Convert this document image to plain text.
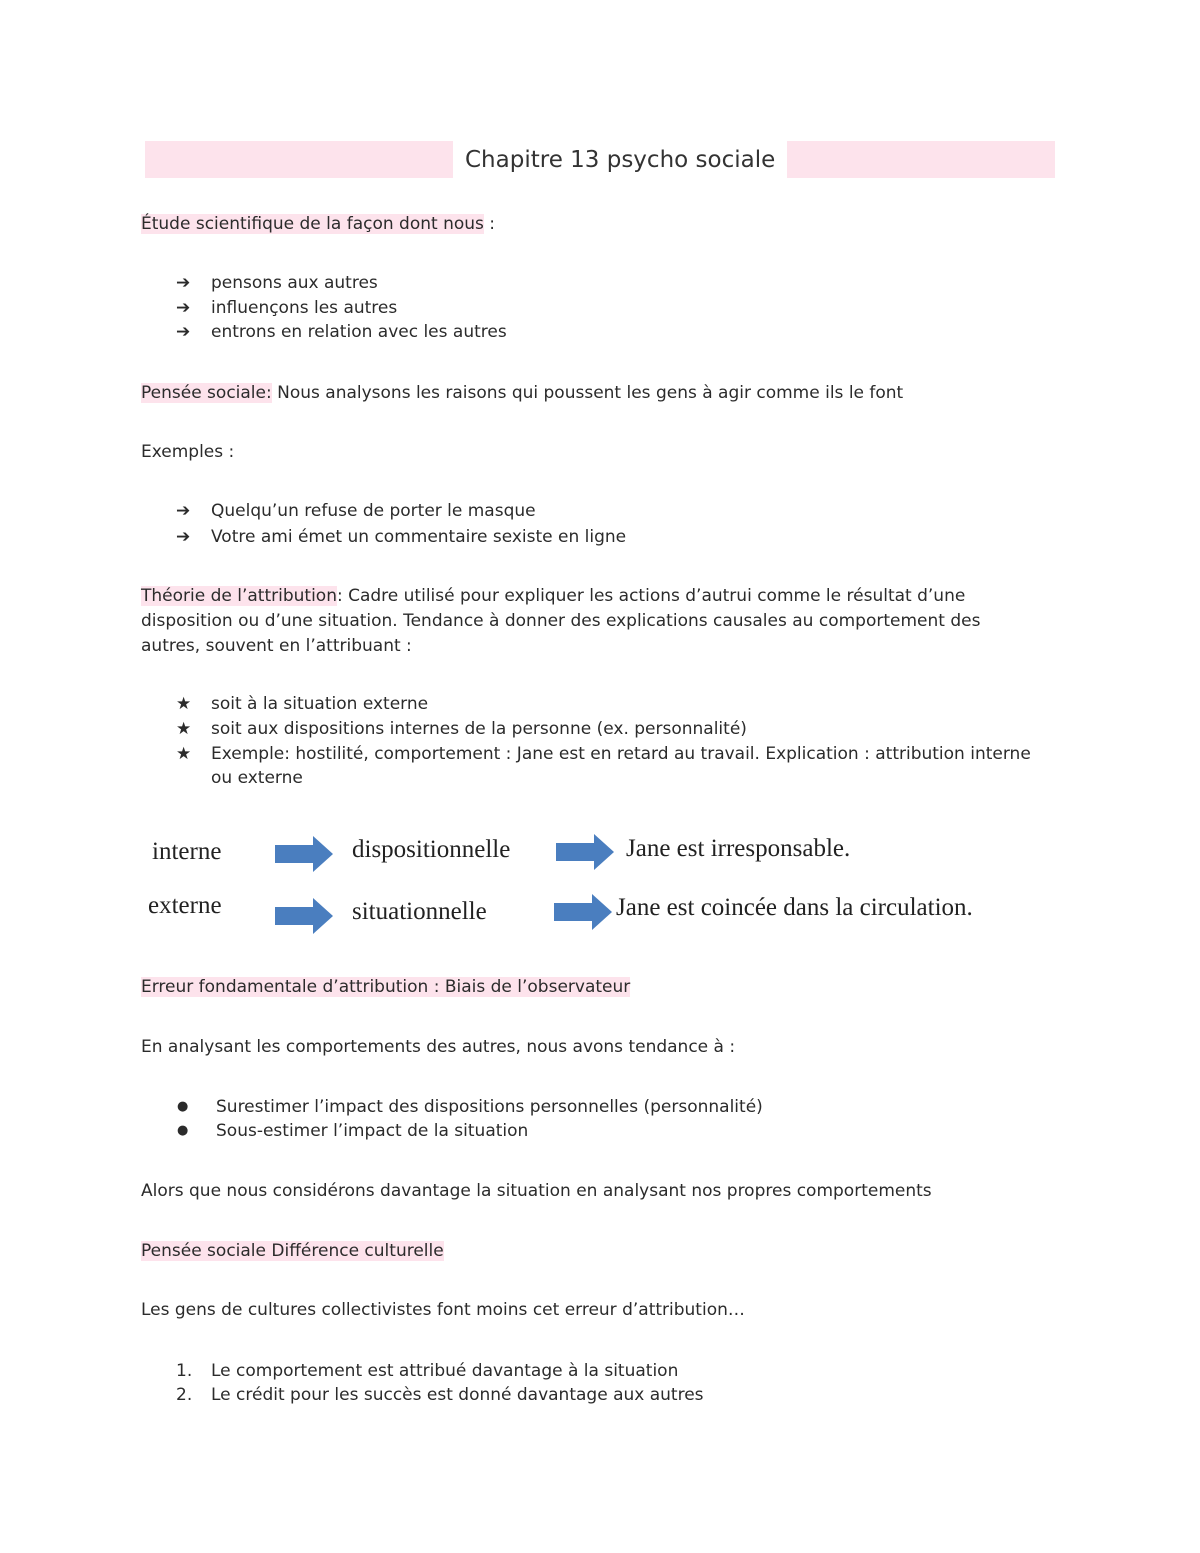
Chapitre 13 psycho sociale
Étude scientifique de la façon dont nous :
➔ pensons aux autres
➔ influençons les autres
➔ entrons en relation avec les autres
Pensée sociale: Nous analysons les raisons qui poussent les gens à agir comme ils le font
Exemples :
➔ Quelqu’un refuse de porter le masque
➔ Votre ami émet un commentaire sexiste en ligne
Théorie de l’attribution: Cadre utilisé pour expliquer les actions d’autrui comme le résultat d’une disposition ou d’une situation. Tendance à donner des explications causales au comportement des autres, souvent en l’attribuant :
★ soit à la situation externe
★ soit aux dispositions internes de la personne (ex. personnalité)
★ Exemple: hostilité, comportement : Jane est en retard au travail. Explication : attribution interne ou externe
interne	dispositionnelle	Jane est irresponsable.
externe	situationnelle	Jane est coincée dans la circulation.
Erreur fondamentale d’attribution : Biais de l’observateur
En analysant les comportements des autres, nous avons tendance à :
● Surestimer l’impact des dispositions personnelles (personnalité)
● Sous-estimer l’impact de la situation
Alors que nous considérons davantage la situation en analysant nos propres comportements
Pensée sociale Différence culturelle
Les gens de cultures collectivistes font moins cet erreur d’attribution…
1. Le comportement est attribué davantage à la situation
2. Le crédit pour les succès est donné davantage aux autres
